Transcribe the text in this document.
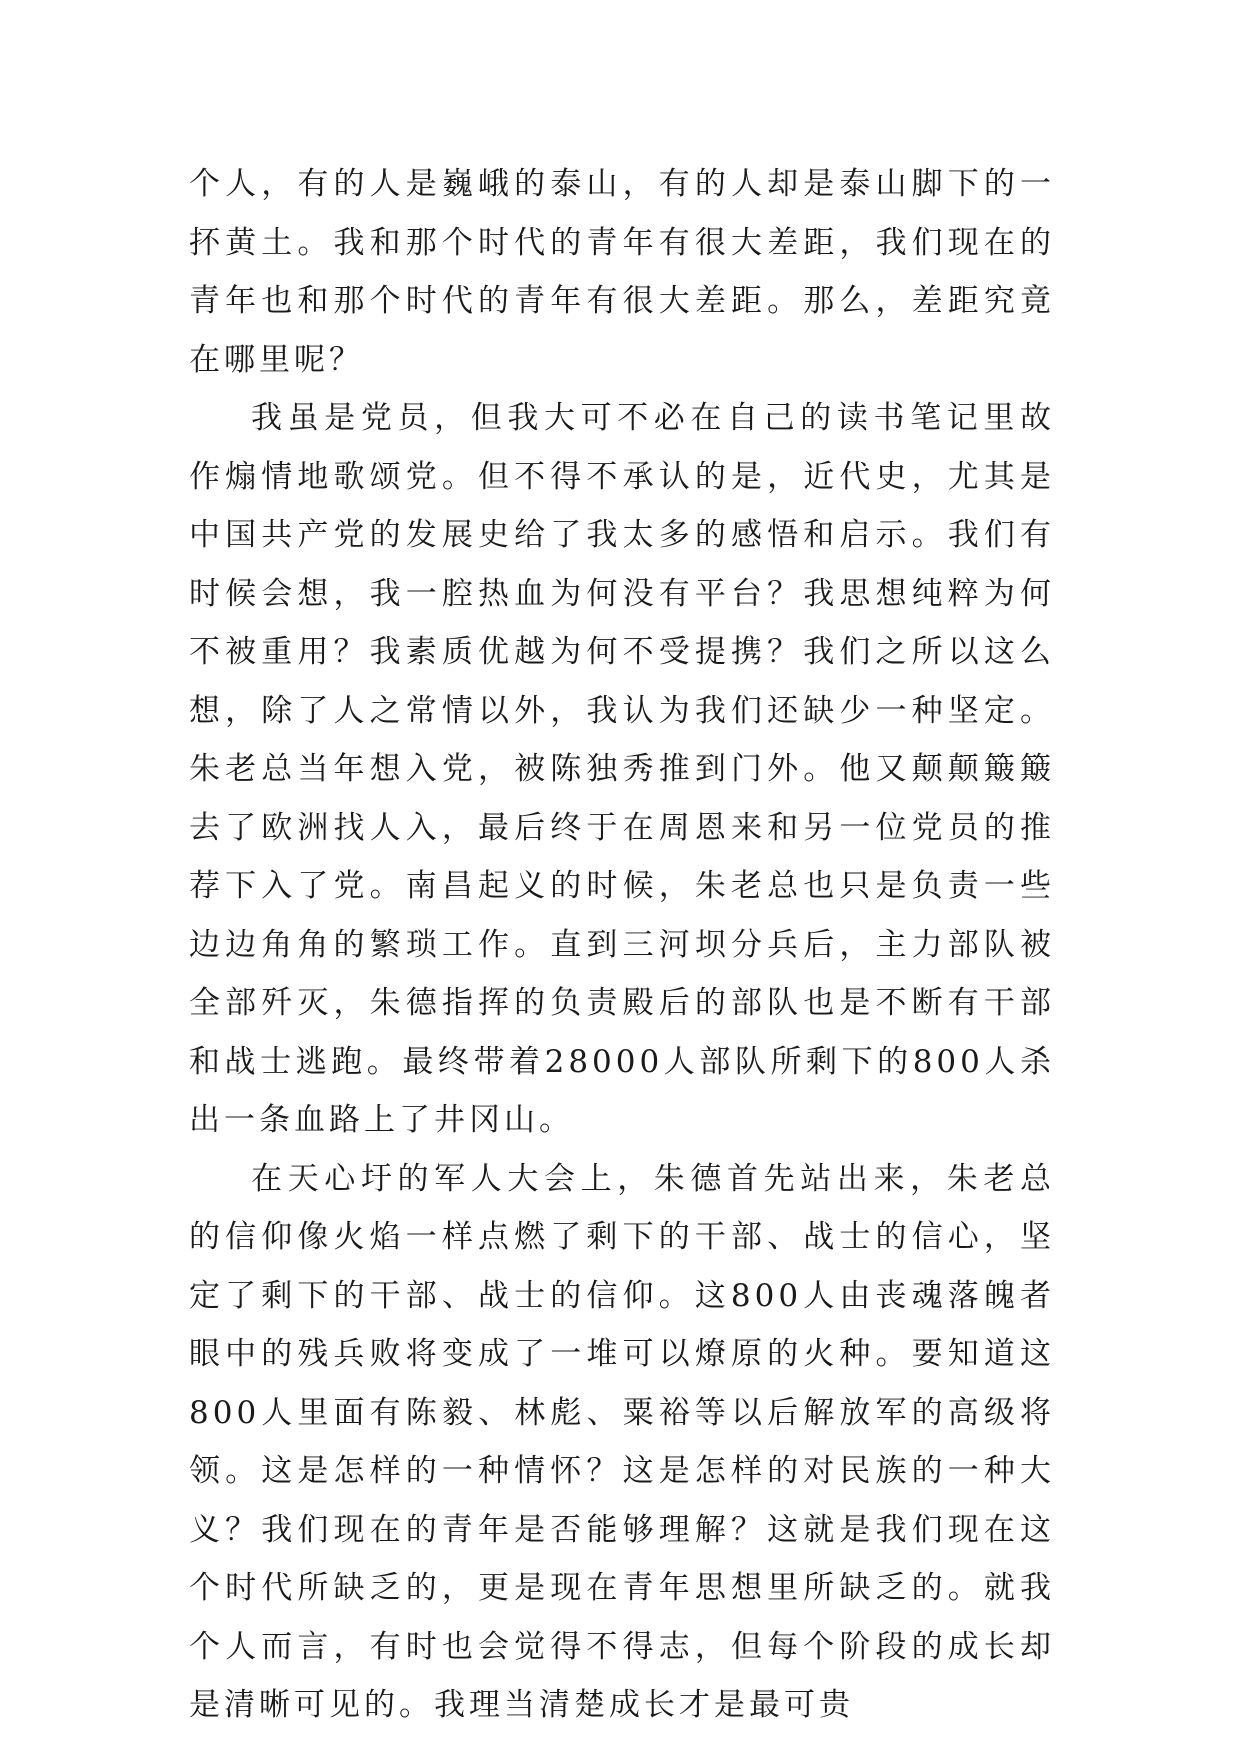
个人，有的人是巍峨的泰山，有的人却是泰山脚下的一抔黄土。我和那个时代的青年有很大差距，我们现在的青年也和那个时代的青年有很大差距。那么，差距究竟在哪里呢？

我虽是党员，但我大可不必在自己的读书笔记里故作煽情地歌颂党。但不得不承认的是，近代史，尤其是中国共产党的发展史给了我太多的感悟和启示。我们有时候会想，我一腔热血为何没有平台？我思想纯粹为何不被重用？我素质优越为何不受提携？我们之所以这么想，除了人之常情以外，我认为我们还缺少一种坚定。朱老总当年想入党，被陈独秀推到门外。他又颠颠簸簸去了欧洲找人入，最后终于在周恩来和另一位党员的推荐下入了党。南昌起义的时候，朱老总也只是负责一些边边角角的繁琐工作。直到三河坝分兵后，主力部队被全部歼灭，朱德指挥的负责殿后的部队也是不断有干部和战士逃跑。最终带着28000人部队所剩下的800人杀出一条血路上了井冈山。

在天心圩的军人大会上，朱德首先站出来，朱老总的信仰像火焰一样点燃了剩下的干部、战士的信心，坚定了剩下的干部、战士的信仰。这800人由丧魂落魄者眼中的残兵败将变成了一堆可以燎原的火种。要知道这800人里面有陈毅、林彪、粟裕等以后解放军的高级将领。这是怎样的一种情怀？这是怎样的对民族的一种大义？我们现在的青年是否能够理解？这就是我们现在这个时代所缺乏的，更是现在青年思想里所缺乏的。就我个人而言，有时也会觉得不得志，但每个阶段的成长却是清晰可见的。我理当清楚成长才是最可贵
